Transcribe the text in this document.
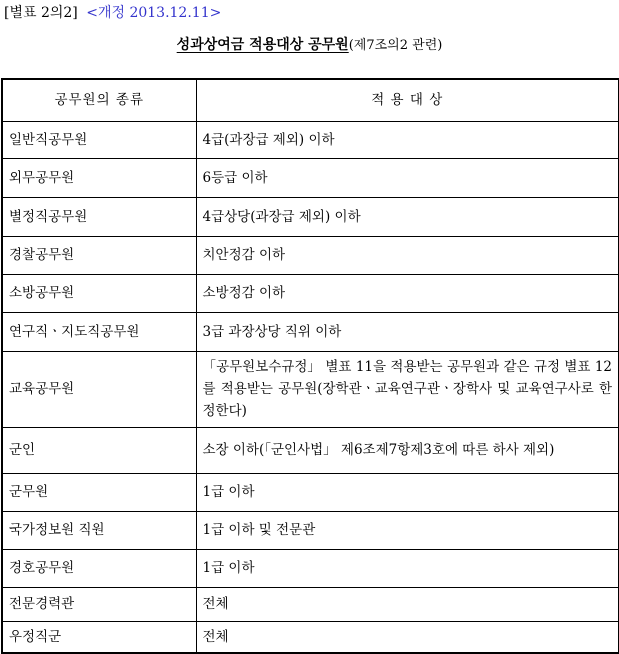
[별표 2의2] <개정 2013.12.11>
성과상여금 적용대상 공무원(제7조의2 관련)
공무원의 종류	적 용 대 상
일반직공무원	4급(과장급 제외) 이하
외무공무원	6등급 이하
별정직공무원	4급상당(과장급 제외) 이하
경찰공무원	치안정감 이하
소방공무원	소방정감 이하
연구직ㆍ지도직공무원	3급 과장상당 직위 이하
교육공무원	「공무원보수규정」 별표 11을 적용받는 공무원과 같은 규정 별표 12를 적용받는 공무원(장학관ㆍ교육연구관ㆍ장학사 및 교육연구사로 한정한다)
군인	소장 이하(「군인사법」 제6조제7항제3호에 따른 하사 제외)
군무원	1급 이하
국가정보원 직원	1급 이하 및 전문관
경호공무원	1급 이하
전문경력관	전체
우정직군	전체
